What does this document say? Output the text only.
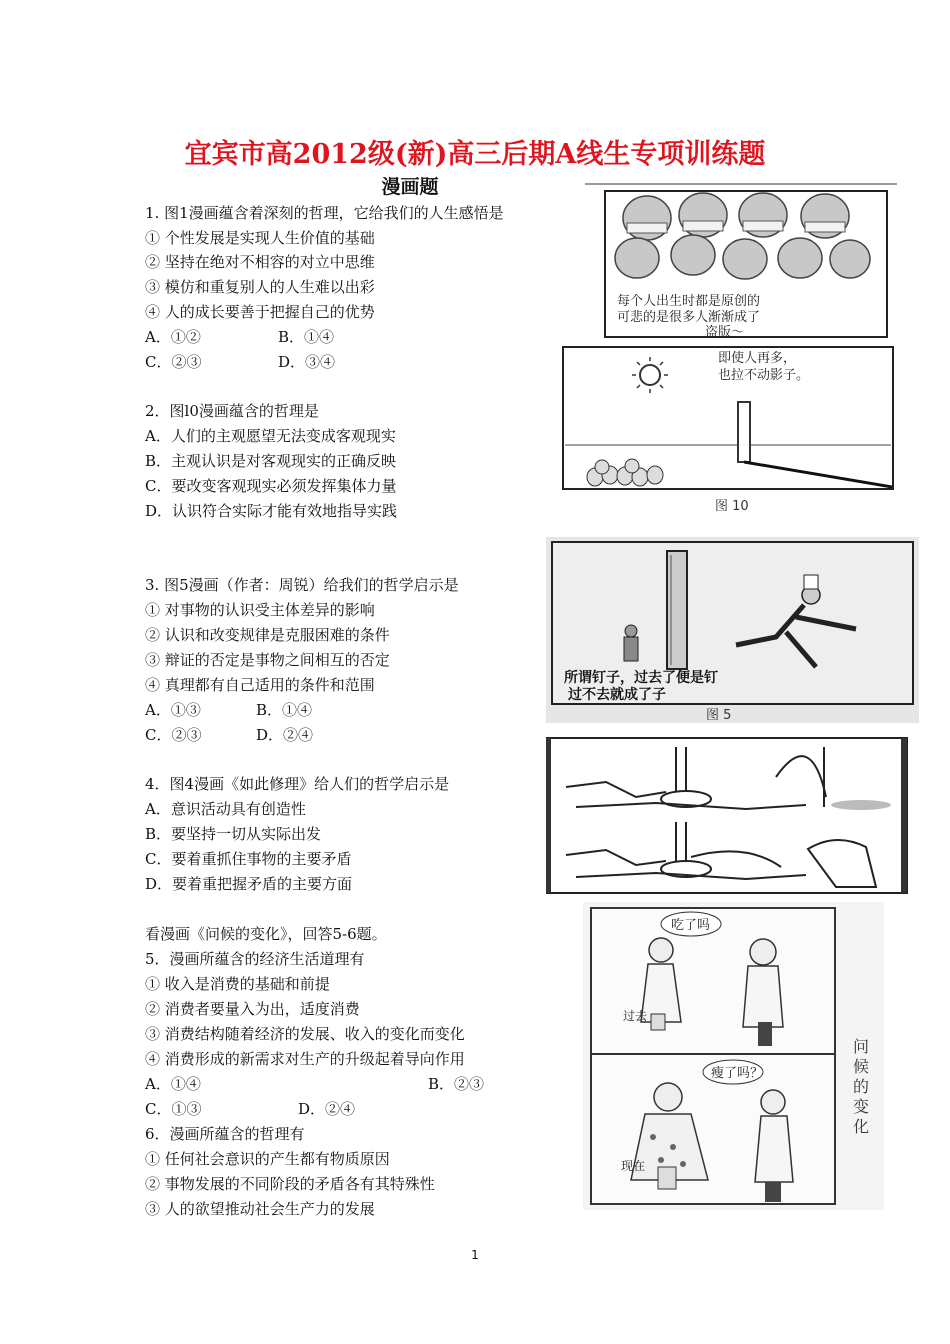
宜宾市高2012级(新)高三后期A线生专项训练题
漫画题
1. 图1漫画蕴含着深刻的哲理，它给我们的人生感悟是
① 个性发展是实现人生价值的基础
② 坚持在绝对不相容的对立中思维
③ 模仿和重复别人的人生难以出彩
④ 人的成长要善于把握自己的优势
A．①②	B．①④
C．②③	D．③④
2．图l0漫画蕴含的哲理是
A．人们的主观愿望无法变成客观现实
B．主观认识是对客观现实的正确反映
C．要改变客观现实必须发挥集体力量
D．认识符合实际才能有效地指导实践
3. 图5漫画（作者：周锐）给我们的哲学启示是
① 对事物的认识受主体差异的影响
② 认识和改变规律是克服困难的条件
③ 辩证的否定是事物之间相互的否定
④ 真理都有自己适用的条件和范围
A．①③	B．①④
C．②③	D．②④
4．图4漫画《如此修理》给人们的哲学启示是
A．意识活动具有创造性
B．要坚持一切从实际出发
C．要着重抓住事物的主要矛盾
D．要着重把握矛盾的主要方面
看漫画《问候的变化》，回答5-6题。
5．漫画所蕴含的经济生活道理有
① 收入是消费的基础和前提
② 消费者要量入为出，适度消费
③ 消费结构随着经济的发展、收入的变化而变化
④ 消费形成的新需求对生产的升级起着导向作用
A．①④	B．②③
C．①③	D．②④
6．漫画所蕴含的哲理有
① 任何社会意识的产生都有物质原因
② 事物发展的不同阶段的矛盾各有其特殊性
③ 人的欲望推动社会生产力的发展
每个人出生时都是原创的
可悲的是很多人渐渐成了
盗版～
即使人再多，
也拉不动影子。
图 10
所谓钉子，过去了便是钉
过不去就成了子
图 5
吃了吗
过去
瘦了吗？
现在
问
候
的
变
化
1
